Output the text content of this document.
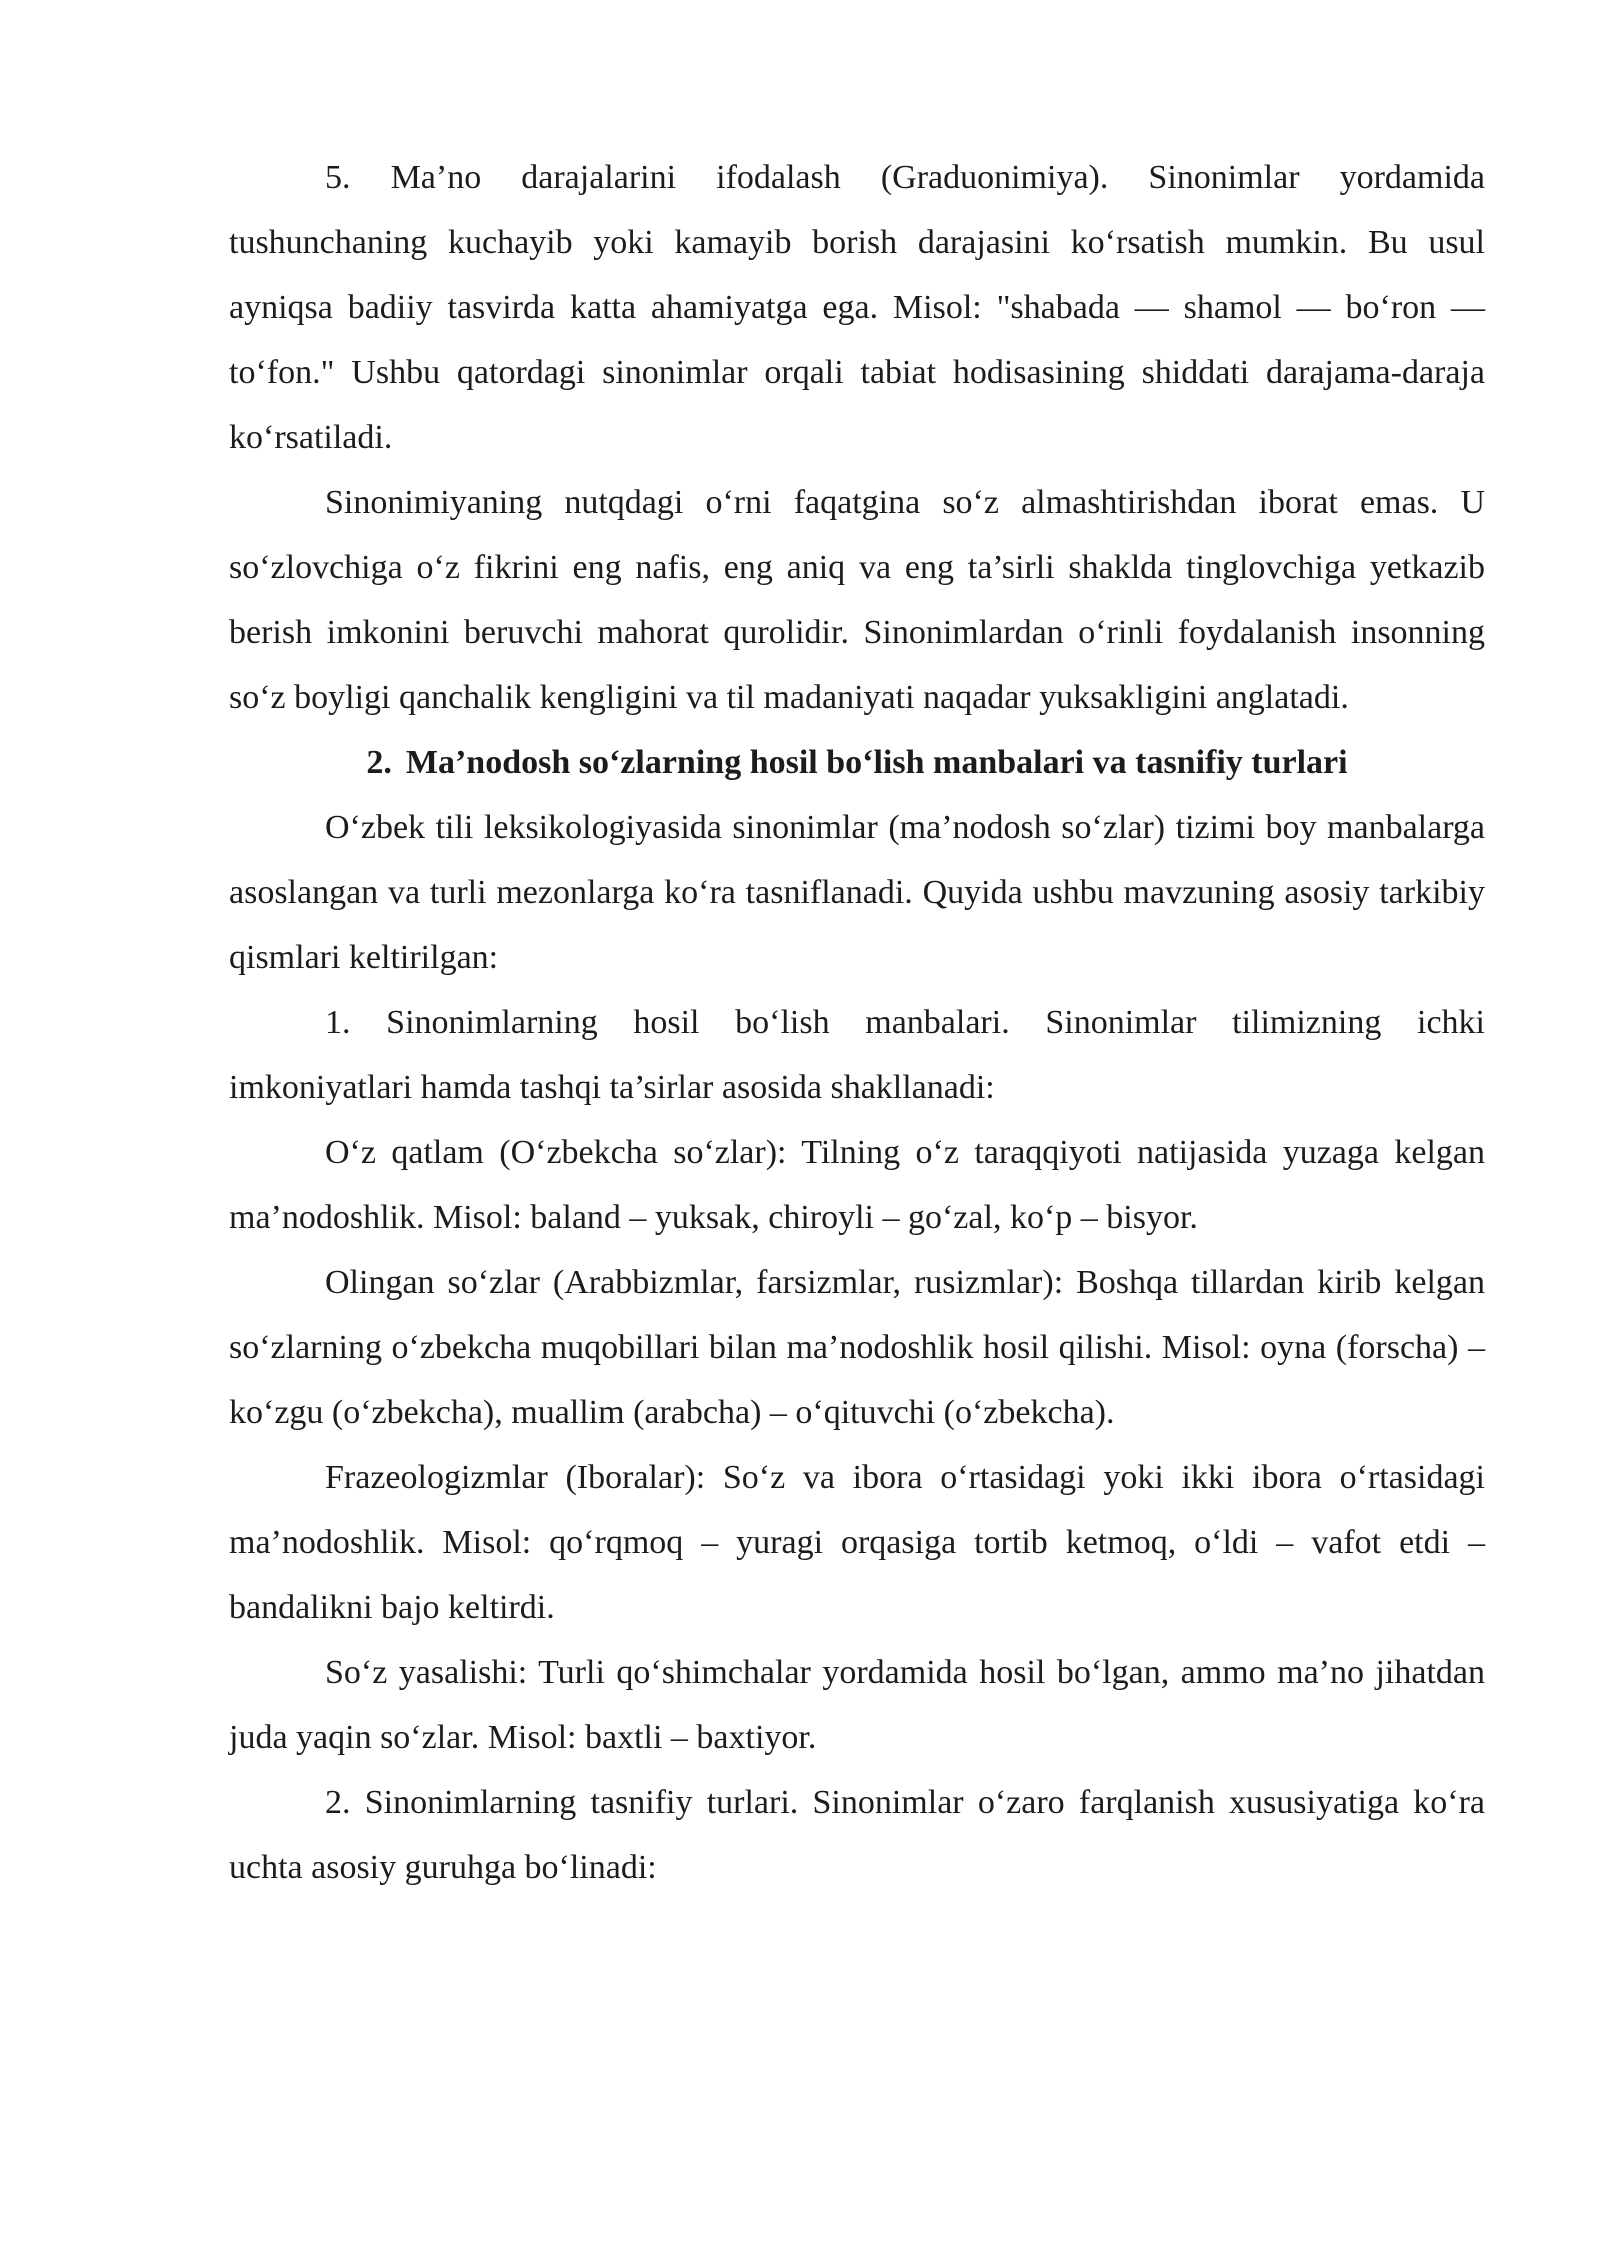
5. Ma’no darajalarini ifodalash (Graduonimiya). Sinonimlar yordamida tushunchaning kuchayib yoki kamayib borish darajasini ko‘rsatish mumkin. Bu usul ayniqsa badiiy tasvirda katta ahamiyatga ega. Misol: "shabada — shamol — bo‘ron — to‘fon." Ushbu qatordagi sinonimlar orqali tabiat hodisasining shiddati darajama-daraja ko‘rsatiladi.

Sinonimiyaning nutqdagi o‘rni faqatgina so‘z almashtirishdan iborat emas. U so‘zlovchiga o‘z fikrini eng nafis, eng aniq va eng ta’sirli shaklda tinglovchiga yetkazib berish imkonini beruvchi mahorat qurolidir. Sinonimlardan o‘rinli foydalanish insonning so‘z boyligi qanchalik kengligini va til madaniyati naqadar yuksakligini anglatadi.

2. Ma’nodosh so‘zlarning hosil bo‘lish manbalari va tasnifiy turlari

O‘zbek tili leksikologiyasida sinonimlar (ma’nodosh so‘zlar) tizimi boy manbalarga asoslangan va turli mezonlarga ko‘ra tasniflanadi. Quyida ushbu mavzuning asosiy tarkibiy qismlari keltirilgan:

1. Sinonimlarning hosil bo‘lish manbalari. Sinonimlar tilimizning ichki imkoniyatlari hamda tashqi ta’sirlar asosida shakllanadi:

O‘z qatlam (O‘zbekcha so‘zlar): Tilning o‘z taraqqiyoti natijasida yuzaga kelgan ma’nodoshlik. Misol: baland – yuksak, chiroyli – go‘zal, ko‘p – bisyor.

Olingan so‘zlar (Arabbizmlar, farsizmlar, rusizmlar): Boshqa tillardan kirib kelgan so‘zlarning o‘zbekcha muqobillari bilan ma’nodoshlik hosil qilishi. Misol: oyna (forscha) – ko‘zgu (o‘zbekcha), muallim (arabcha) – o‘qituvchi (o‘zbekcha).

Frazeologizmlar (Iboralar): So‘z va ibora o‘rtasidagi yoki ikki ibora o‘rtasidagi ma’nodoshlik. Misol: qo‘rqmoq – yuragi orqasiga tortib ketmoq, o‘ldi – vafot etdi – bandalikni bajo keltirdi.

So‘z yasalishi: Turli qo‘shimchalar yordamida hosil bo‘lgan, ammo ma’no jihatdan juda yaqin so‘zlar. Misol: baxtli – baxtiyor.

2. Sinonimlarning tasnifiy turlari. Sinonimlar o‘zaro farqlanish xususiyatiga ko‘ra uchta asosiy guruhga bo‘linadi:
